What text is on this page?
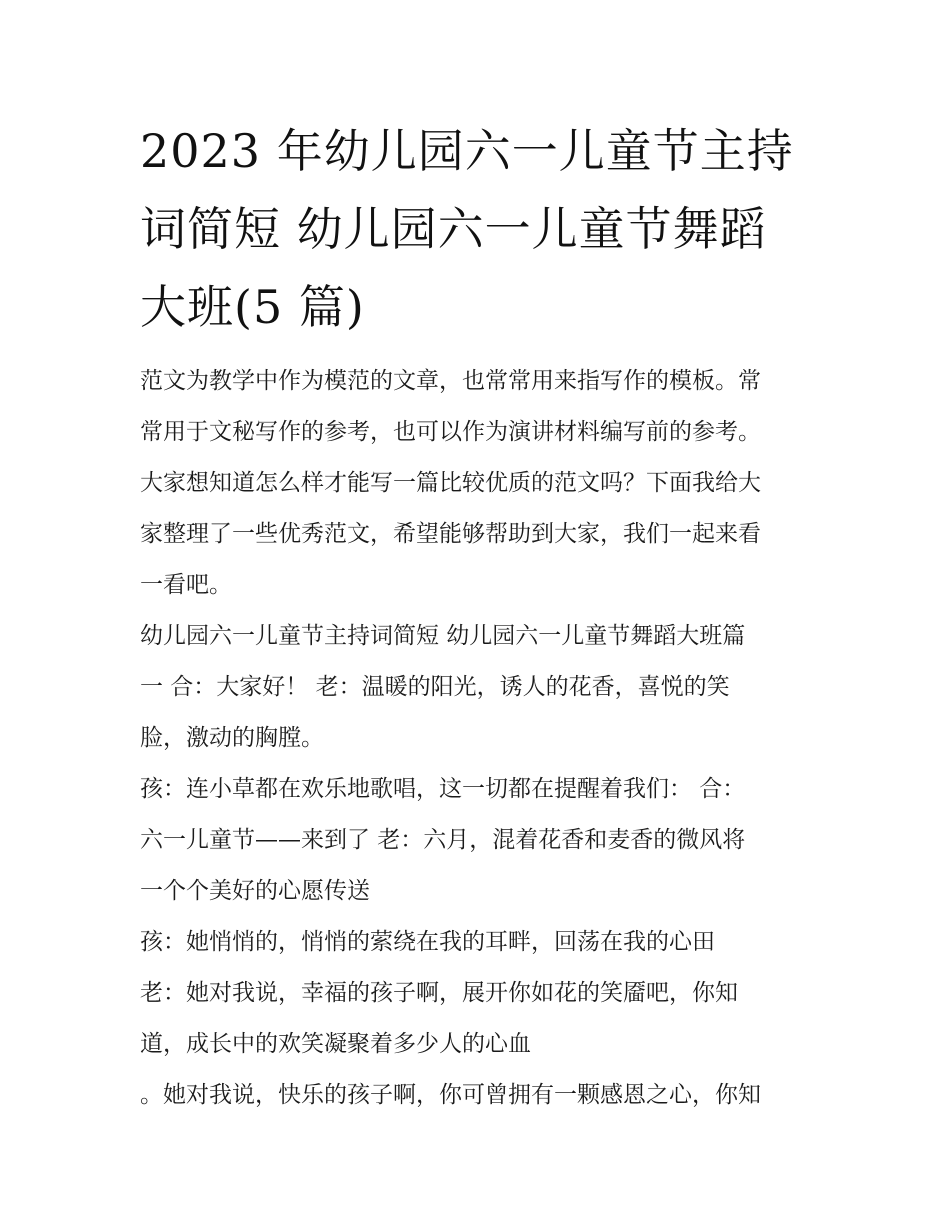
2023 年幼儿园六一儿童节主持
词简短 幼儿园六一儿童节舞蹈
大班(5 篇)
范文为教学中作为模范的文章，也常常用来指写作的模板。常
常用于文秘写作的参考，也可以作为演讲材料编写前的参考。
大家想知道怎么样才能写一篇比较优质的范文吗？下面我给大
家整理了一些优秀范文，希望能够帮助到大家，我们一起来看
一看吧。
幼儿园六一儿童节主持词简短 幼儿园六一儿童节舞蹈大班篇
一 合：大家好！ 老：温暖的阳光，诱人的花香，喜悦的笑
脸，激动的胸膛。
孩：连小草都在欢乐地歌唱，这一切都在提醒着我们： 合：
六一儿童节——来到了 老：六月，混着花香和麦香的微风将
一个个美好的心愿传送
孩：她悄悄的，悄悄的萦绕在我的耳畔，回荡在我的心田
老：她对我说，幸福的孩子啊，展开你如花的笑靥吧，你知
道，成长中的欢笑凝聚着多少人的心血
。她对我说，快乐的孩子啊，你可曾拥有一颗感恩之心，你知
